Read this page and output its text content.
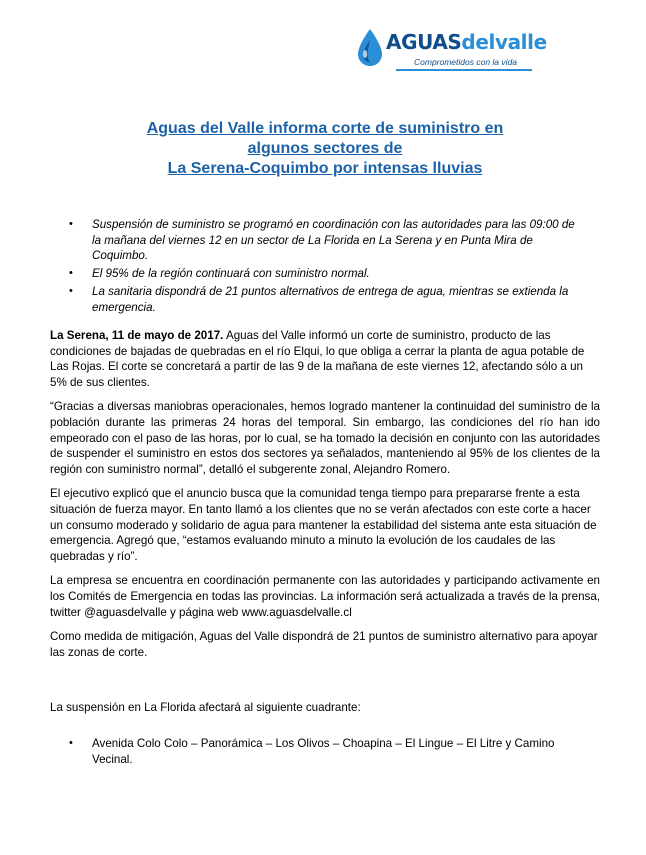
AGUASdelvalle
Comprometidos con la vida
Aguas del Valle informa corte de suministro en
algunos sectores de
La Serena-Coquimbo por intensas lluvias
• Suspensión de suministro se programó en coordinación con las autoridades para las 09:00 de la mañana del viernes 12 en un sector de La Florida en La Serena y en Punta Mira de Coquimbo.
• El 95% de la región continuará con suministro normal.
• La sanitaria dispondrá de 21 puntos alternativos de entrega de agua, mientras se extienda la emergencia.

La Serena, 11 de mayo de 2017. Aguas del Valle informó un corte de suministro, producto de las condiciones de bajadas de quebradas en el río Elqui, lo que obliga a cerrar la planta de agua potable de Las Rojas. El corte se concretará a partir de las 9 de la mañana de este viernes 12, afectando sólo a un 5% de sus clientes.

“Gracias a diversas maniobras operacionales, hemos logrado mantener la continuidad del suministro de la población durante las primeras 24 horas del temporal. Sin embargo, las condiciones del río han ido empeorado con el paso de las horas, por lo cual, se ha tomado la decisión en conjunto con las autoridades de suspender el suministro en estos dos sectores ya señalados, manteniendo al 95% de los clientes de la región con suministro normal”, detalló el subgerente zonal, Alejandro Romero.

El ejecutivo explicó que el anuncio busca que la comunidad tenga tiempo para prepararse frente a esta situación de fuerza mayor. En tanto llamó a los clientes que no se verán afectados con este corte a hacer un consumo moderado y solidario de agua para mantener la estabilidad del sistema ante esta situación de emergencia. Agregó que, “estamos evaluando minuto a minuto la evolución de los caudales de las quebradas y río”.

La empresa se encuentra en coordinación permanente con las autoridades y participando activamente en los Comités de Emergencia en todas las provincias. La información será actualizada a través de la prensa, twitter @aguasdelvalle y página web www.aguasdelvalle.cl

Como medida de mitigación, Aguas del Valle dispondrá de 21 puntos de suministro alternativo para apoyar las zonas de corte.

La suspensión en La Florida afectará al siguiente cuadrante:

• Avenida Colo Colo – Panorámica – Los Olivos – Choapina – El Lingue – El Litre y Camino Vecinal.
